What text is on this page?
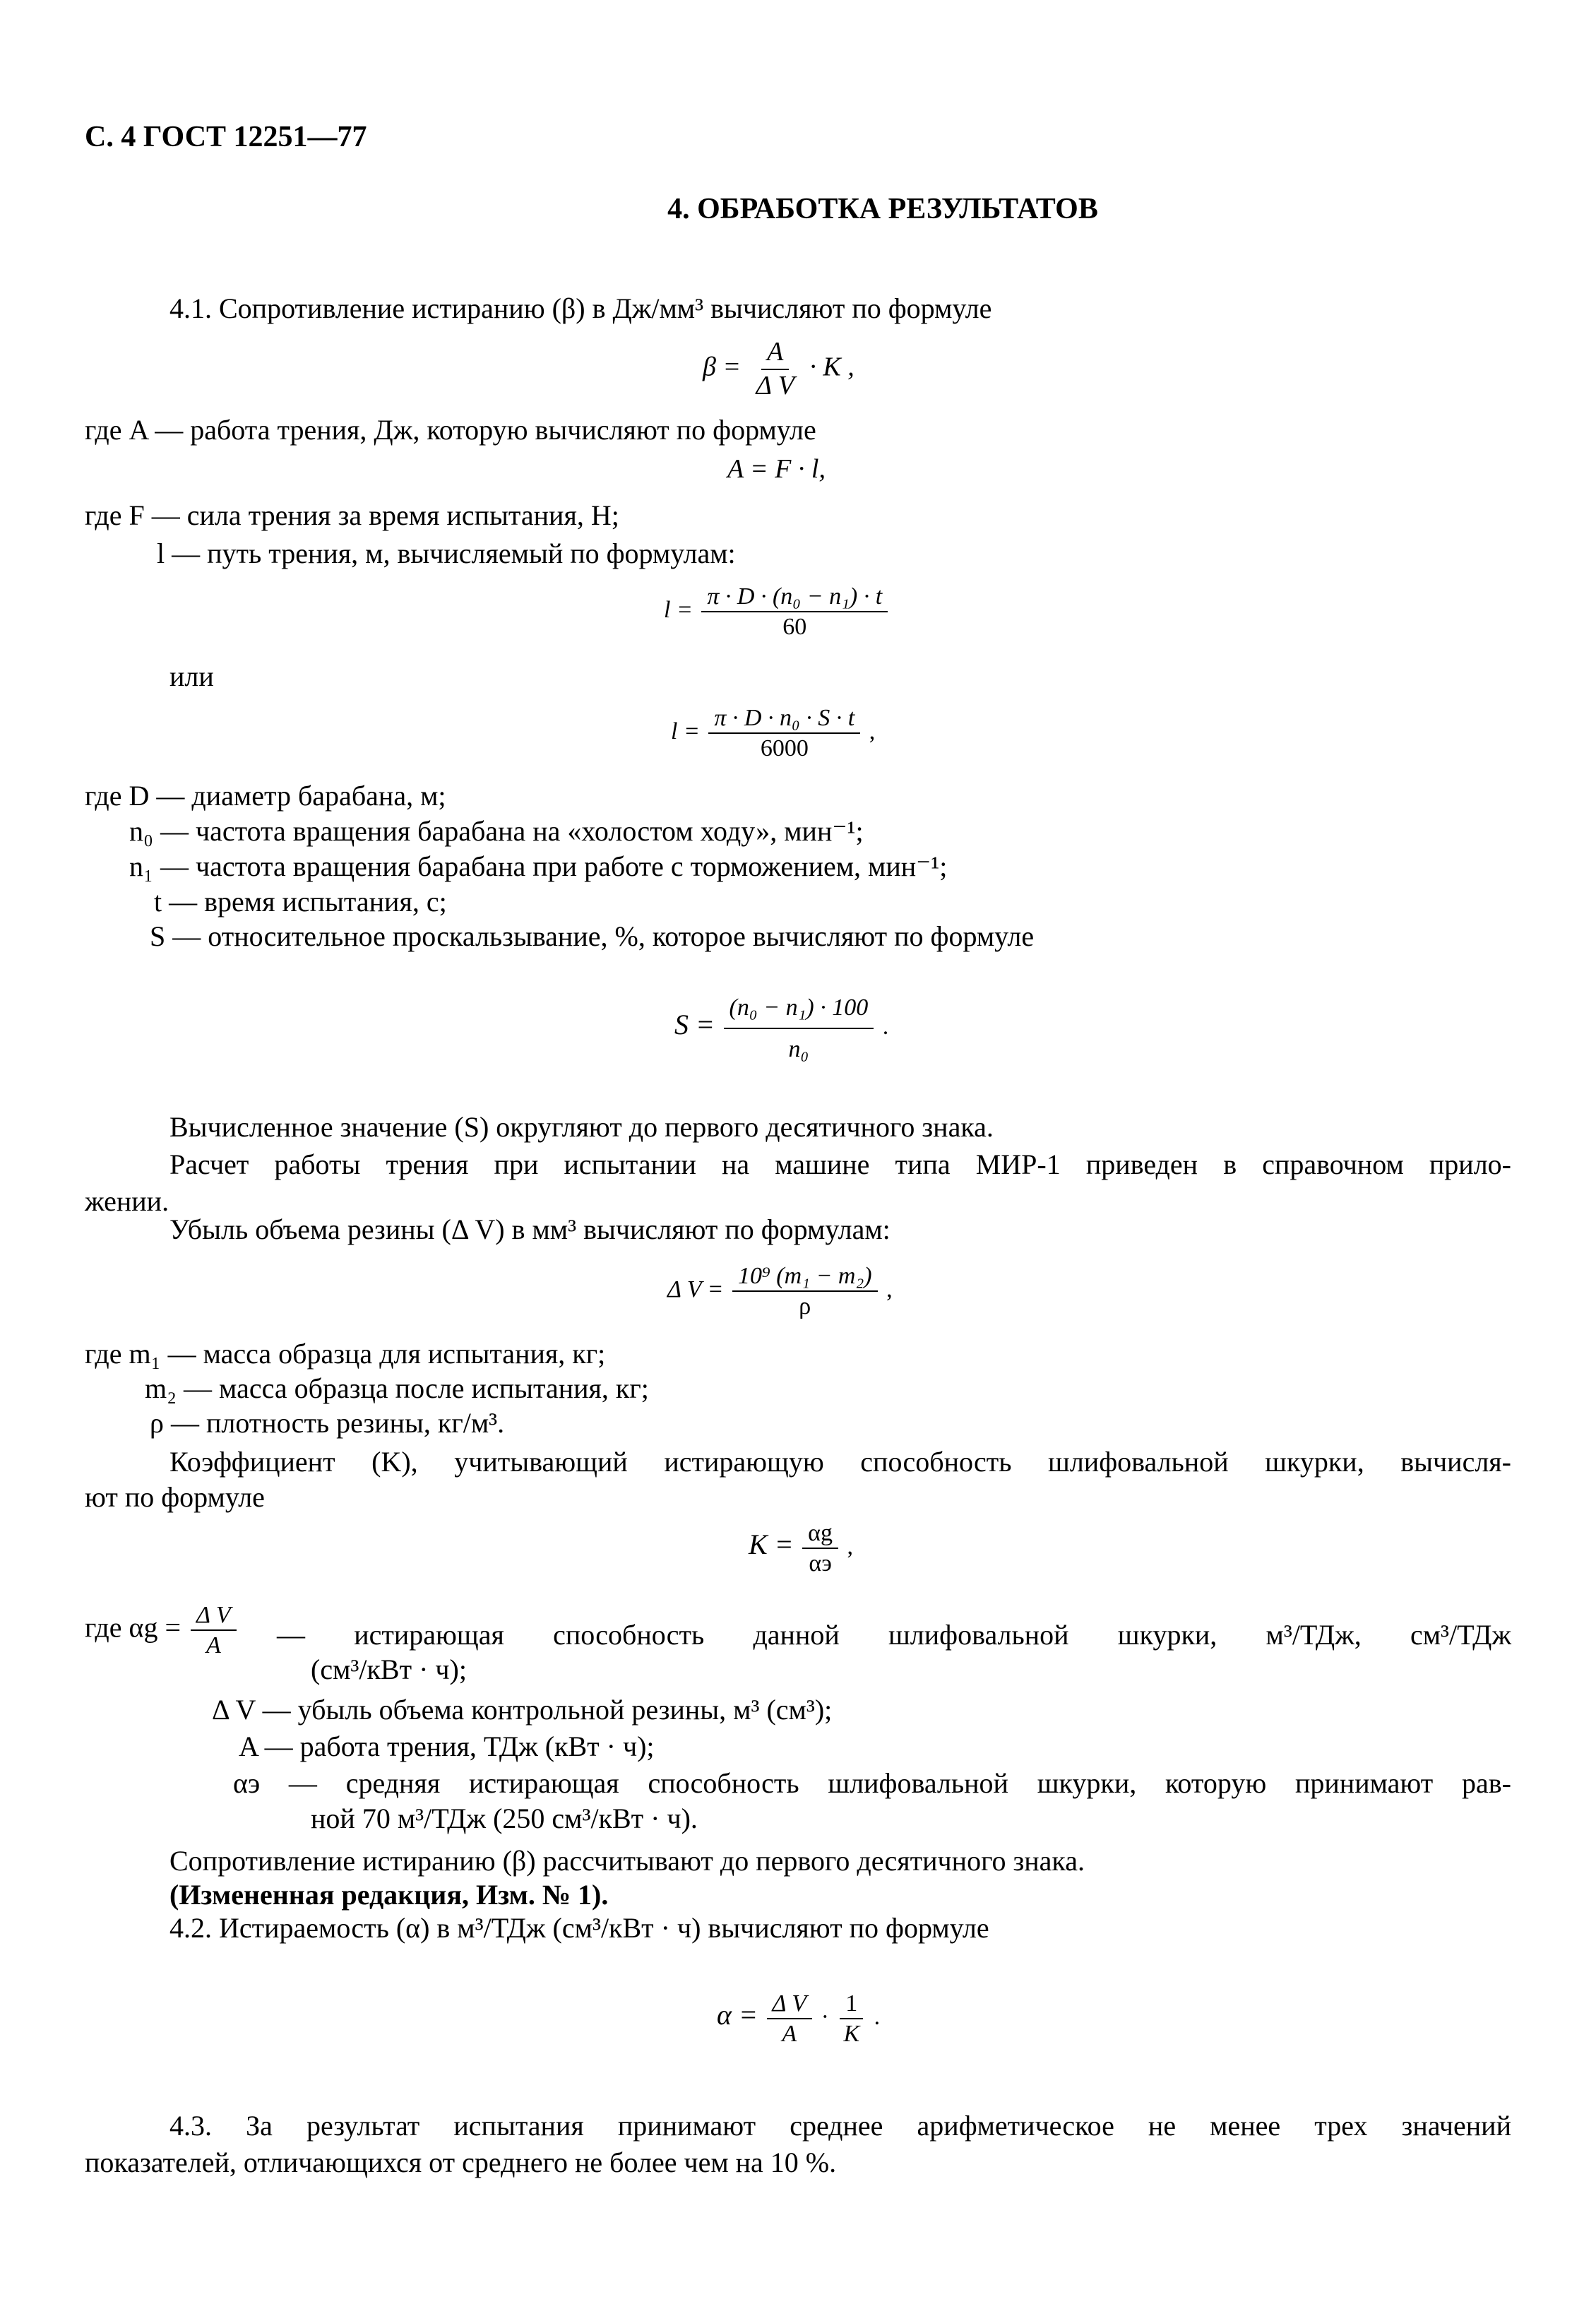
С. 4 ГОСТ 12251—77
4. ОБРАБОТКА РЕЗУЛЬТАТОВ
4.1. Сопротивление истиранию (β) в Дж/мм³ вычисляют по формуле
$\beta = \frac{A}{\text{Δ V}} \cdot K$ ,
где A — работа трения, Дж, которую вычисляют по формуле
A = F · l,
где F — сила трения за время испытания, Н;
l — путь трения, м, вычисляемый по формулам:
$l = \frac{\text{π · D · (n₀ − n₁) · t}}{60}$
или
$l = \frac{\text{π · D · n₀ · S · t}}{6000}$ ,
где D — диаметр барабана, м;
n₀ — частота вращения барабана на «холостом ходу», мин⁻¹;
n₁ — частота вращения барабана при работе с торможением, мин⁻¹;
t — время испытания, с;
S — относительное проскальзывание, %, которое вычисляют по формуле
$S = \frac{\text{(n₀ − n₁) · 100}}{\text{n₀}}$ .
Вычисленное значение (S) округляют до первого десятичного знака.
Расчет работы трения при испытании на машине типа МИР-1 приведен в справочном прило-
жении.
Убыль объема резины (Δ V) в мм³ вычисляют по формулам:
Δ $V = \frac{\text{10⁹ (m₁ − m₂)}}{\rho}$ ,
где m₁ — масса образца для испытания, кг;
m₂ — масса образца после испытания, кг;
ρ — плотность резины, кг/м³.
Коэффициент (K), учитывающий истирающую способность шлифовальной шкурки, вычисля-
ют по формуле
$K = \frac{\alpha g}{\alpha э}$ ,
где $\alpha g = \frac{\text{Δ V}}{A}$ — истирающая способность данной шлифовальной шкурки, м³/ТДж, см³/ТДж
(см³/кВт · ч);
Δ V — убыль объема контрольной резины, м³ (см³);
A — работа трения, ТДж (кВт · ч);
αэ — средняя истирающая способность шлифовальной шкурки, которую принимают рав-
ной 70 м³/ТДж (250 см³/кВт · ч).
Сопротивление истиранию (β) рассчитывают до первого десятичного знака.
(Измененная редакция, Изм. № 1).
4.2. Истираемость (α) в м³/ТДж (см³/кВт · ч) вычисляют по формуле
$\alpha = \frac{\text{Δ V}}{A} \cdot \frac{1}{K}$ .
4.3. За результат испытания принимают среднее арифметическое не менее трех значений
показателей, отличающихся от среднего не более чем на 10 %.
